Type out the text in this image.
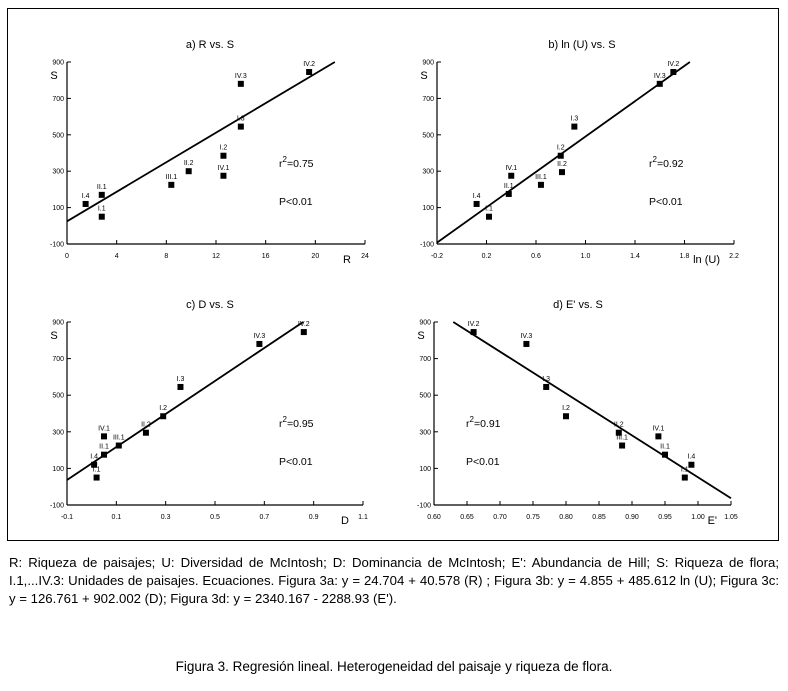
a) R vs. S
-100
100
300
500
700
900
0	4	8	12	16	20	24
S
R
I.4
II.1
I.1
III.1
II.2
I.2
IV.1
I.3
IV.3
IV.2
$r^2=0.75$
P<0.01
b) ln (U) vs. S
-100
100
300
500
700
900
-0.2	0.2	0.6	1.0	1.4	1.8	2.2
S
ln (U)
I.4
I.1
IV.1
II.1
III.1
I.2
II.2
I.3
IV.3
IV.2
$r^2=0.92$
P<0.01
c) D vs. S
-100
100
300
500
700
900
-0.1	0.1	0.3	0.5	0.7	0.9	1.1
S
D
I.4
I.1
IV.1
II.1
III.1
II.2
I.2
I.3
IV.3
IV.2
$r^2=0.95$
P<0.01
d) E' vs. S
-100
100
300
500
700
900
0.60	0.65	0.70	0.75	0.80	0.85	0.90	0.95	1.00	1.05
S
E'
IV.2
IV.3
I.3
I.2
II.2
III.1
IV.1
II.1
I.4
I.1
$r^2=0.91$
P<0.01
R: Riqueza de paisajes; U: Diversidad de McIntosh; D: Dominancia de McIntosh; E': Abundancia de Hill; S: Riqueza de flora; I.1,...IV.3: Unidades de paisajes. Ecuaciones. Figura 3a: y = 24.704 + 40.578 (R) ; Figura 3b: y = 4.855 + 485.612 ln (U); Figura 3c: y = 126.761 + 902.002 (D); Figura 3d: y = 2340.167 - 2288.93 (E').
Figura 3. Regresión lineal. Heterogeneidad del paisaje y riqueza de flora.
